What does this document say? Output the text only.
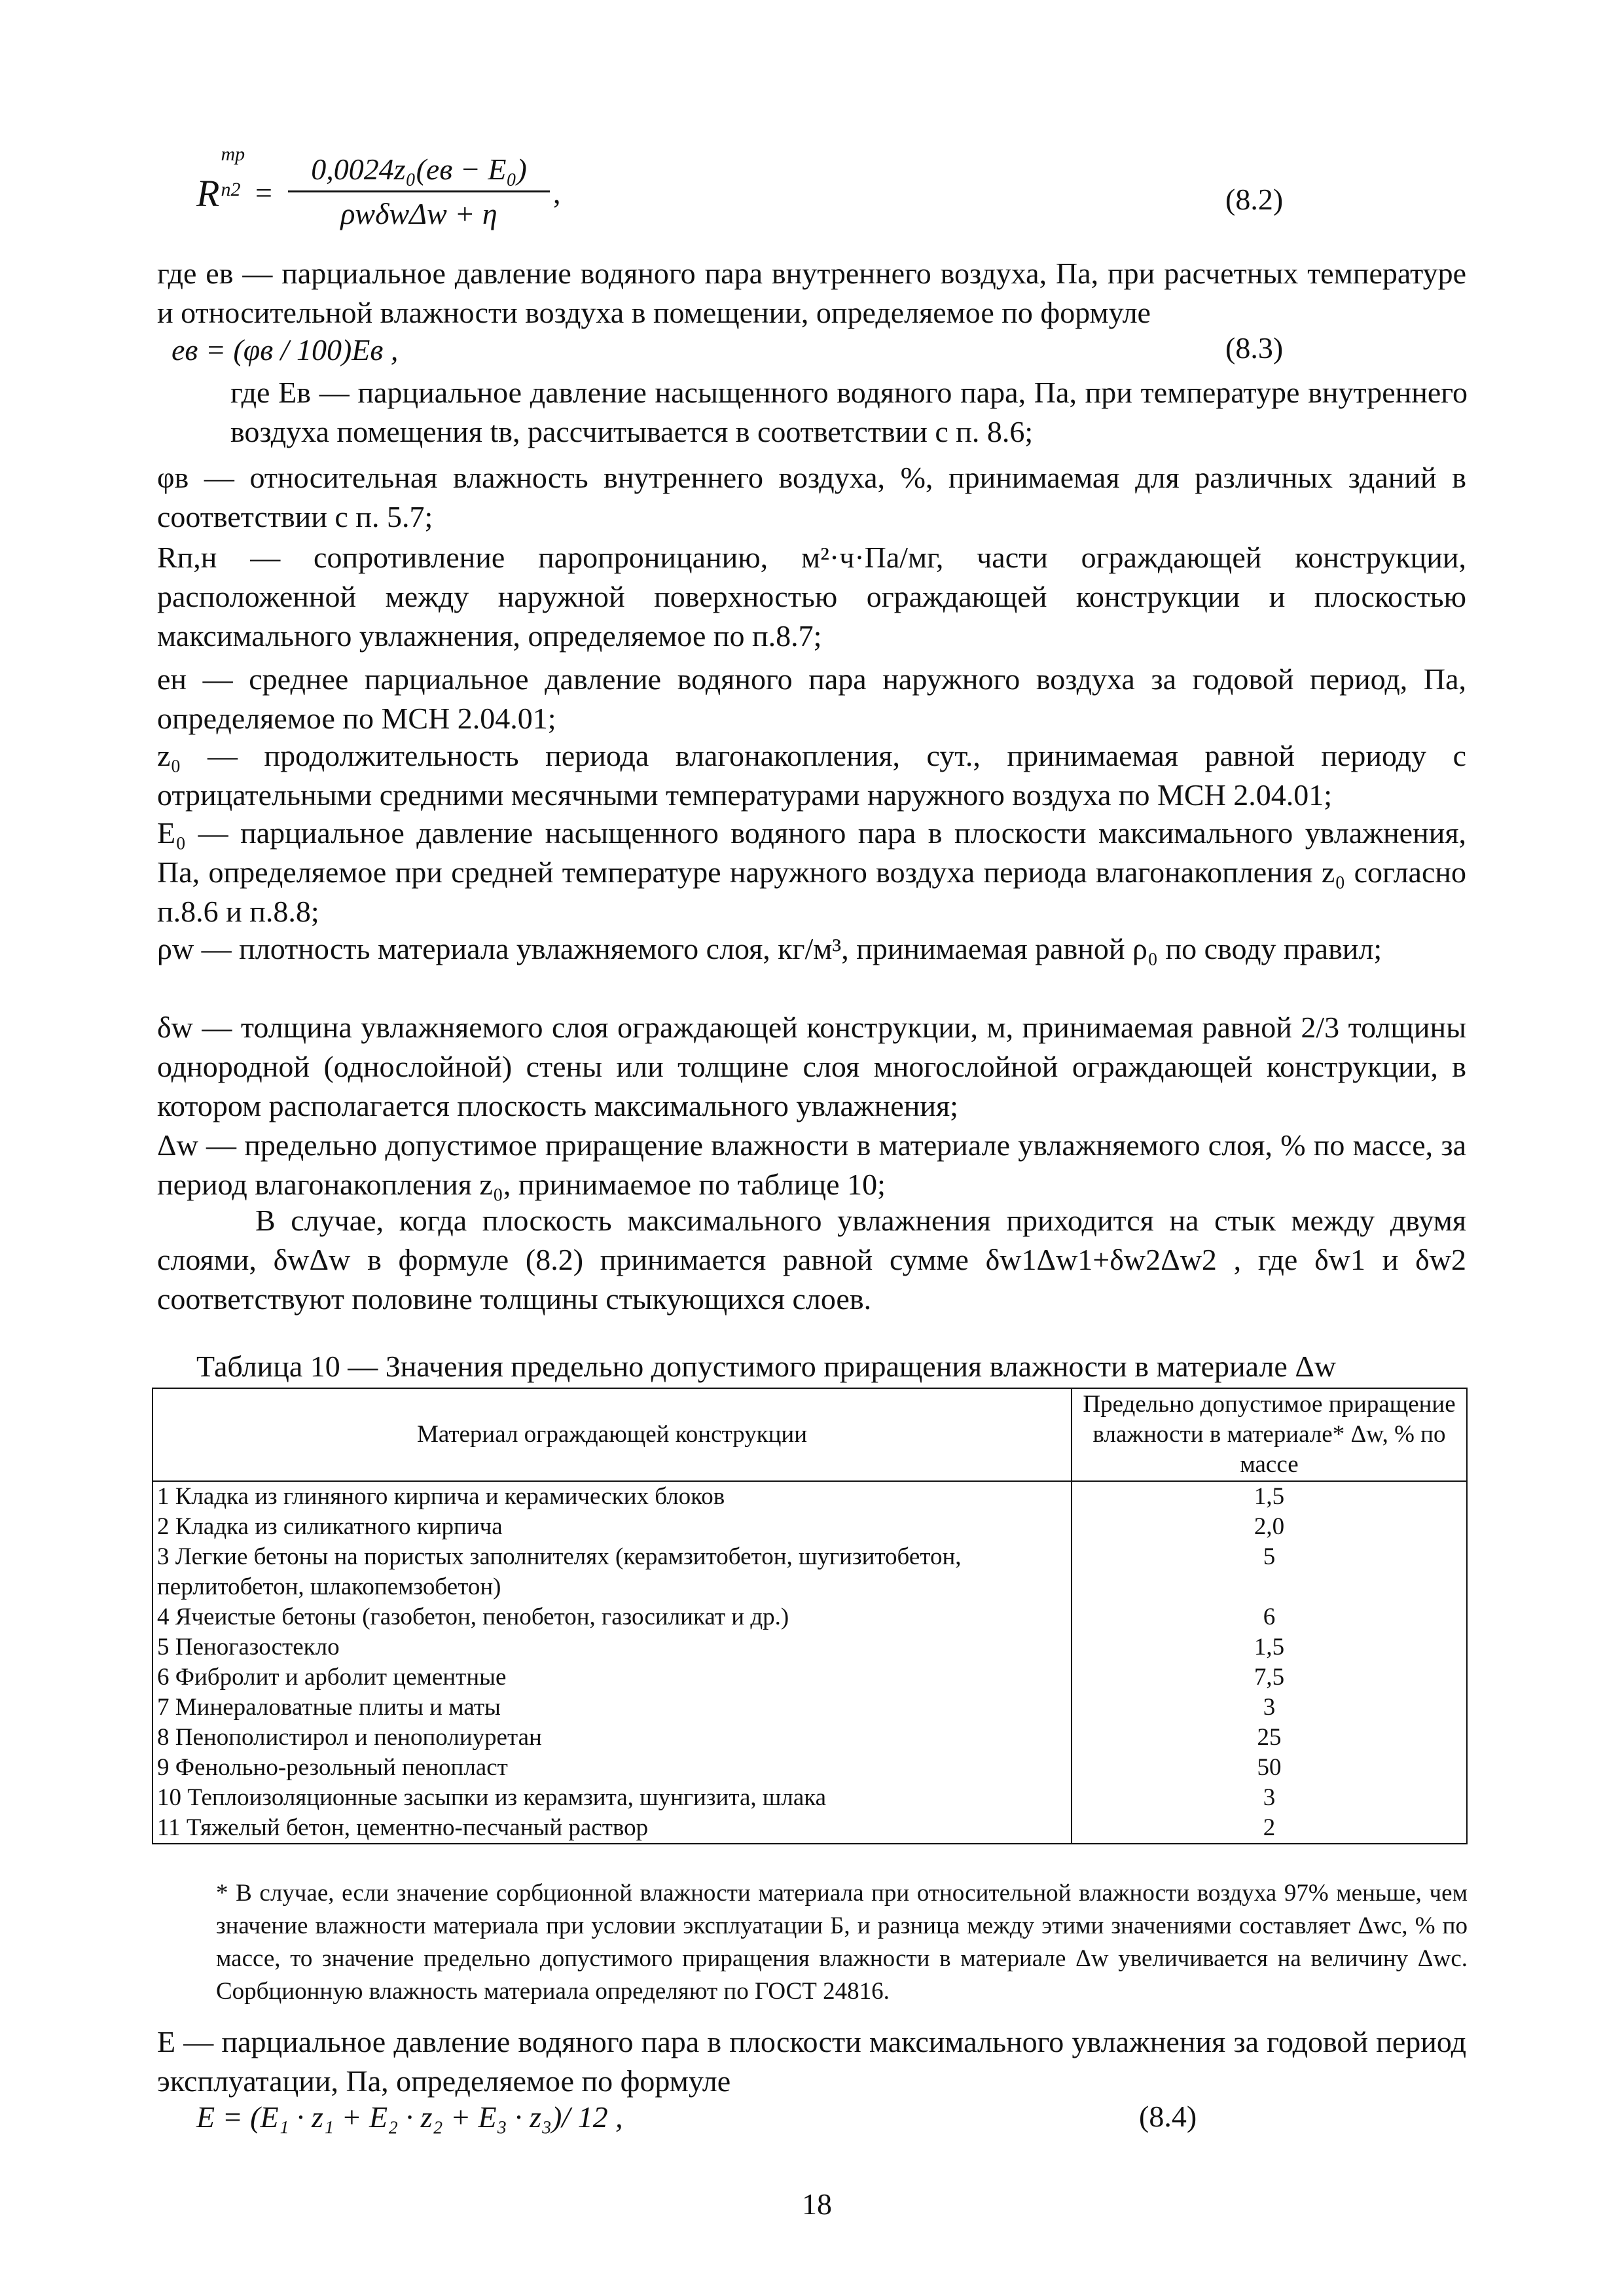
R
mp
n2 =
0,0024z₀(eв − E₀)
ρwδwΔw + η
,	(8.2)
где eв — парциальное давление водяного пара внутреннего воздуха, Па, при расчетных температуре и относительной влажности воздуха в помещении, определяемое по формуле
eв = (φв / 100)Eв ,	(8.3)
где Eв — парциальное давление насыщенного водяного пара, Па, при температуре внутреннего воздуха помещения tв, рассчитывается в соответствии с п. 8.6;
φв — относительная влажность внутреннего воздуха, %, принимаемая для различных зданий в соответствии с п. 5.7;
Rп,н — сопротивление паропроницанию, м²·ч·Па/мг, части ограждающей конструкции, расположенной между наружной поверхностью ограждающей конструкции и плоскостью максимального увлажнения, определяемое по п.8.7;
eн — среднее парциальное давление водяного пара наружного воздуха за годовой период, Па, определяемое по МСН 2.04.01;
z₀ — продолжительность периода влагонакопления, сут., принимаемая равной периоду с отрицательными средними месячными температурами наружного воздуха по МСН 2.04.01;
E₀ — парциальное давление насыщенного водяного пара в плоскости максимального увлажнения, Па, определяемое при средней температуре наружного воздуха периода влагонакопления z₀ согласно п.8.6 и п.8.8;
ρw — плотность материала увлажняемого слоя, кг/м³, принимаемая равной ρ₀ по своду правил;
δw — толщина увлажняемого слоя ограждающей конструкции, м, принимаемая равной 2/3 толщины однородной (однослойной) стены или толщине слоя многослойной ограждающей конструкции, в котором располагается плоскость максимального увлажнения;
Δw — предельно допустимое приращение влажности в материале увлажняемого слоя, % по массе, за период влагонакопления z₀, принимаемое по таблице 10;
В случае, когда плоскость максимального увлажнения приходится на стык между двумя слоями, δwΔw в формуле (8.2) принимается равной сумме δw1Δw1+δw2Δw2 , где δw1 и δw2 соответствуют половине толщины стыкующихся слоев.
Таблица 10 — Значения предельно допустимого приращения влажности в материале Δw
Материал ограждающей конструкции	Предельно допустимое приращение влажности в материале* Δw, % по массе
1 Кладка из глиняного кирпича и керамических блоков	1,5
2 Кладка из силикатного кирпича	2,0
3 Легкие бетоны на пористых заполнителях (керамзитобетон, шугизитобетон, перлитобетон, шлакопемзобетон)	5
4 Ячеистые бетоны (газобетон, пенобетон, газосиликат и др.)	6
5 Пеногазостекло	1,5
6 Фибролит и арболит цементные	7,5
7 Минераловатные плиты и маты	3
8 Пенополистирол и пенополиуретан	25
9 Фенольно-резольный пенопласт	50
10 Теплоизоляционные засыпки из керамзита, шунгизита, шлака	3
11 Тяжелый бетон, цементно-песчаный раствор	2
* В случае, если значение сорбционной влажности материала при относительной влажности воздуха 97% меньше, чем значение влажности материала при условии эксплуатации Б, и разница между этими значениями составляет Δwc, % по массе, то значение предельно допустимого приращения влажности в материале Δw увеличивается на величину Δwc. Сорбционную влажность материала определяют по ГОСТ 24816.
E — парциальное давление водяного пара в плоскости максимального увлажнения за годовой период эксплуатации, Па, определяемое по формуле
E = (E₁ · z₁ + E₂ · z₂ + E₃ · z₃)/ 12 ,	(8.4)
18
